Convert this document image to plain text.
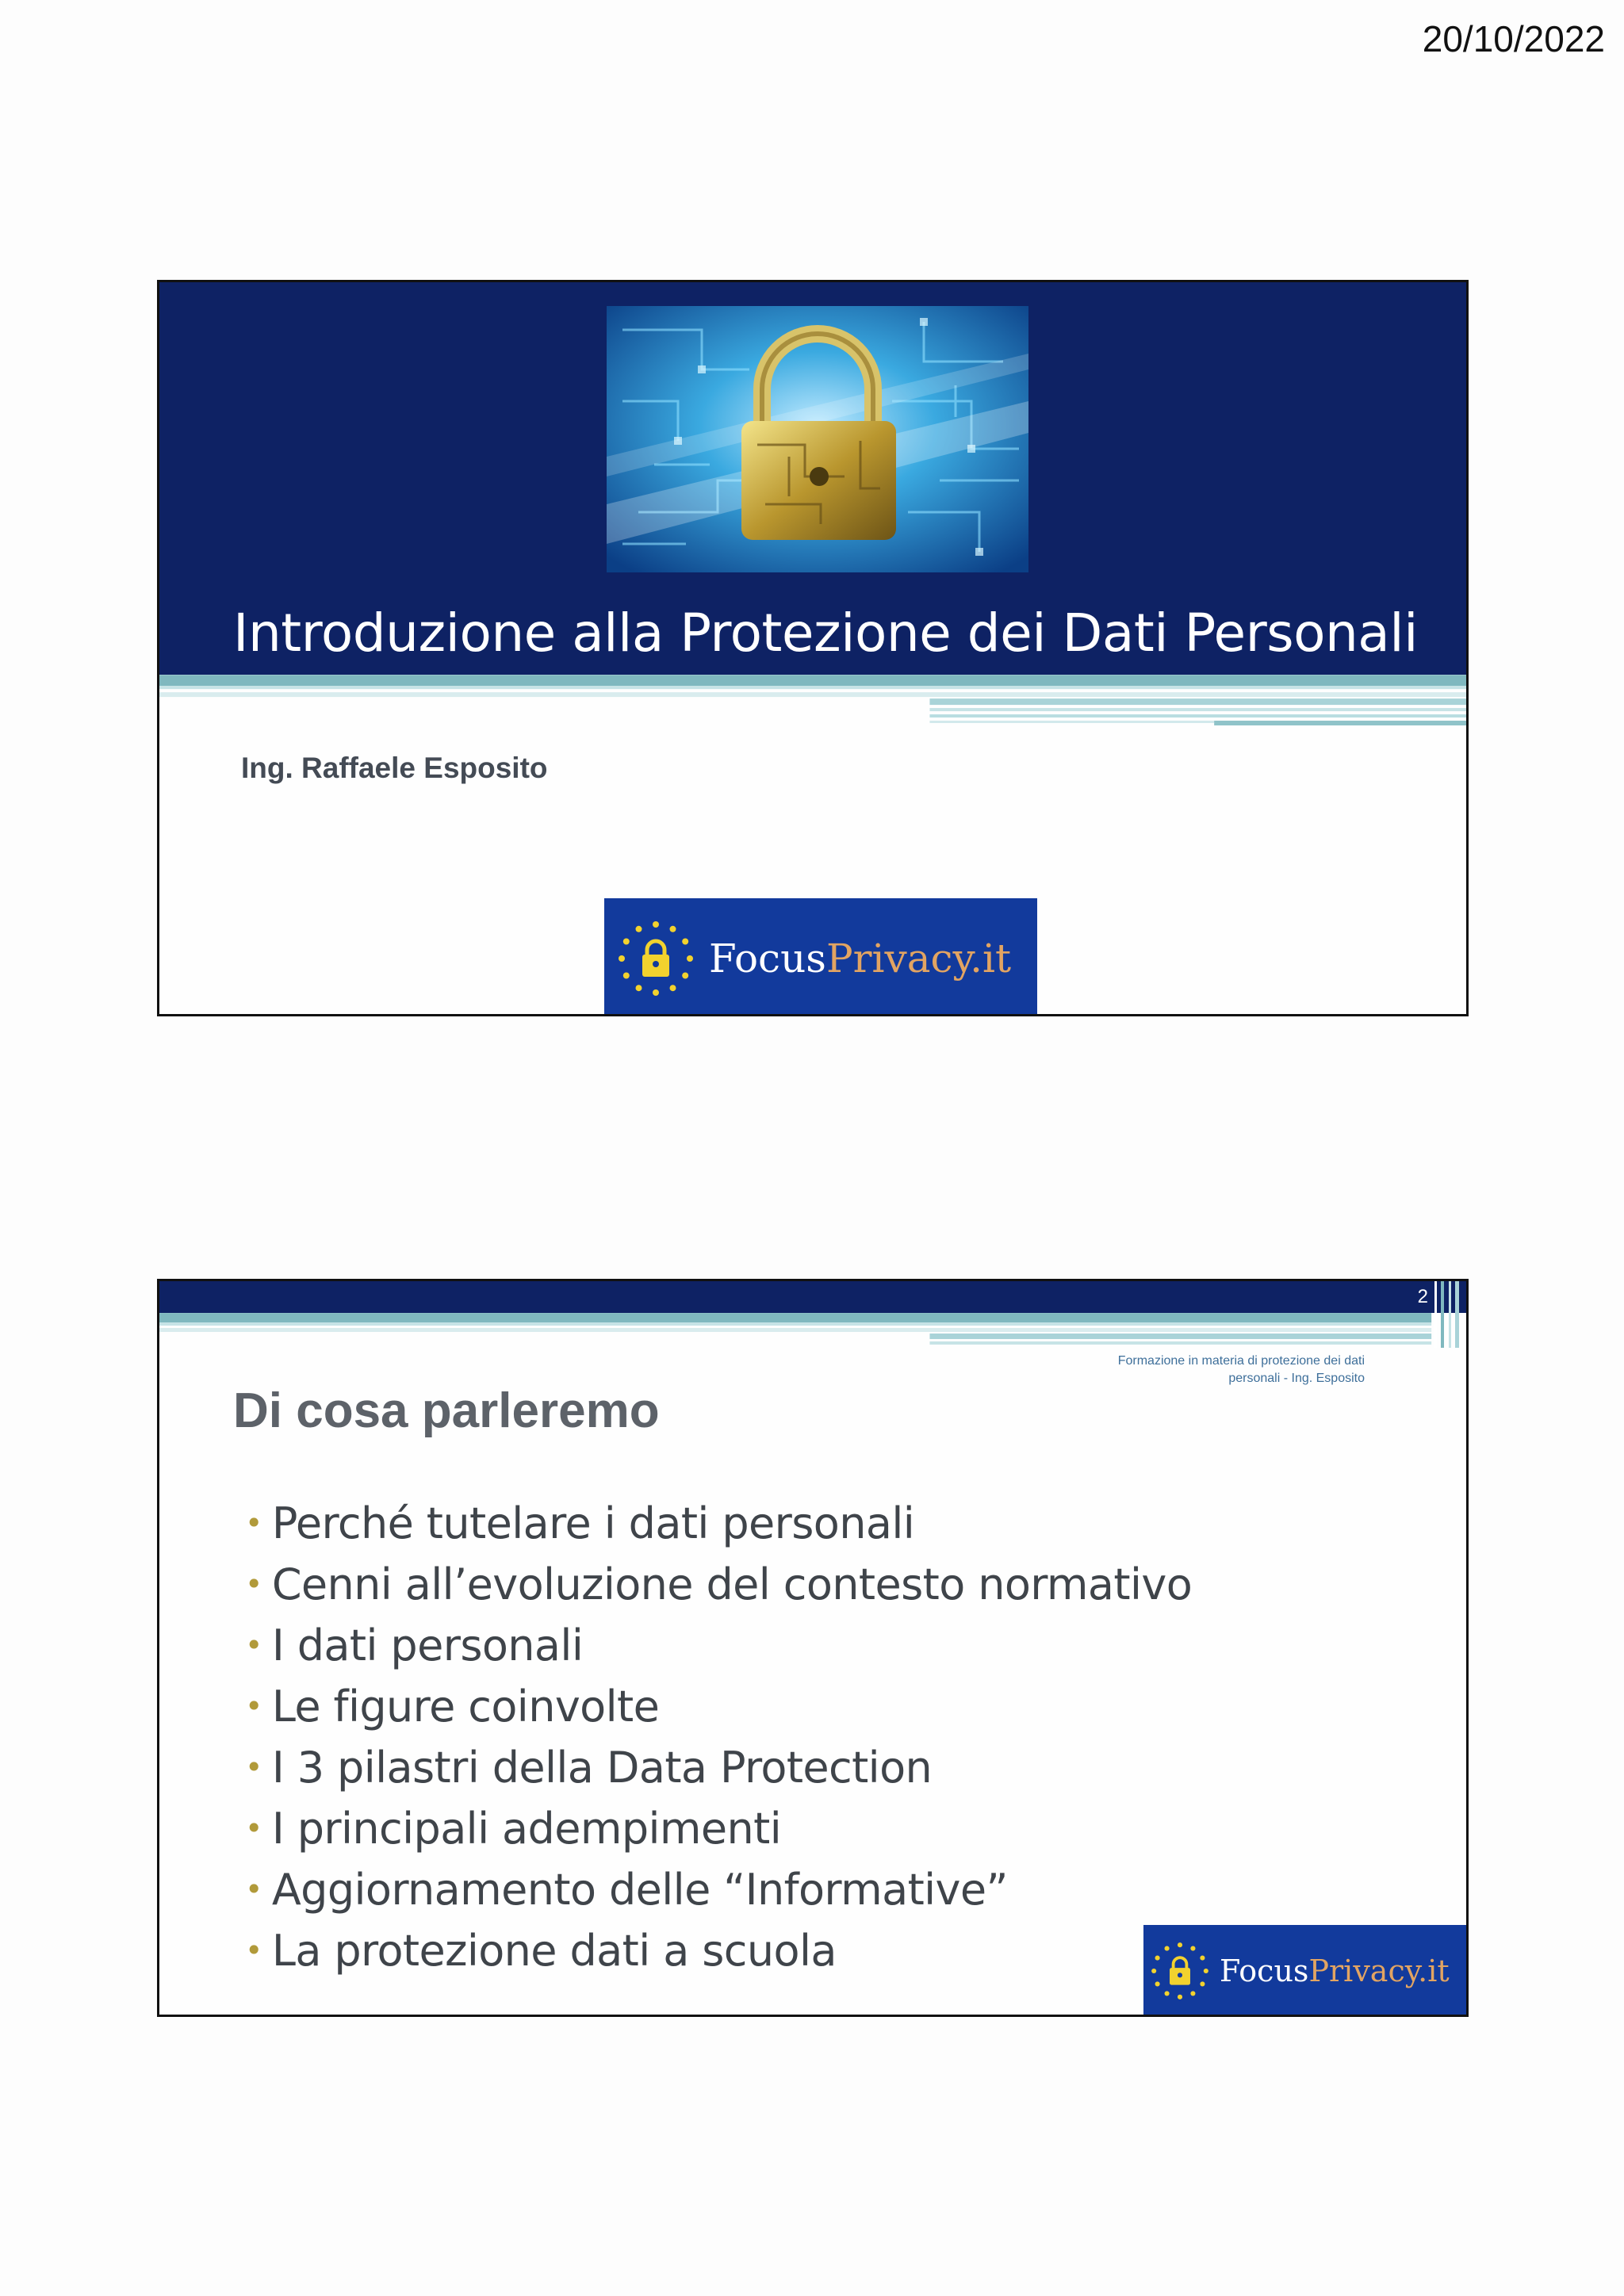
20/10/2022
Introduzione alla Protezione dei Dati Personali
Ing. Raffaele Esposito
FocusPrivacy.it
2
Formazione in materia di protezione dei dati
personali - Ing. Esposito
Di cosa parleremo
• Perché tutelare i dati personali
• Cenni all’evoluzione del contesto normativo
• I dati personali
• Le figure coinvolte
• I 3 pilastri della Data Protection
• I principali adempimenti
• Aggiornamento delle “Informative”
• La protezione dati a scuola	FocusPrivacy.it
